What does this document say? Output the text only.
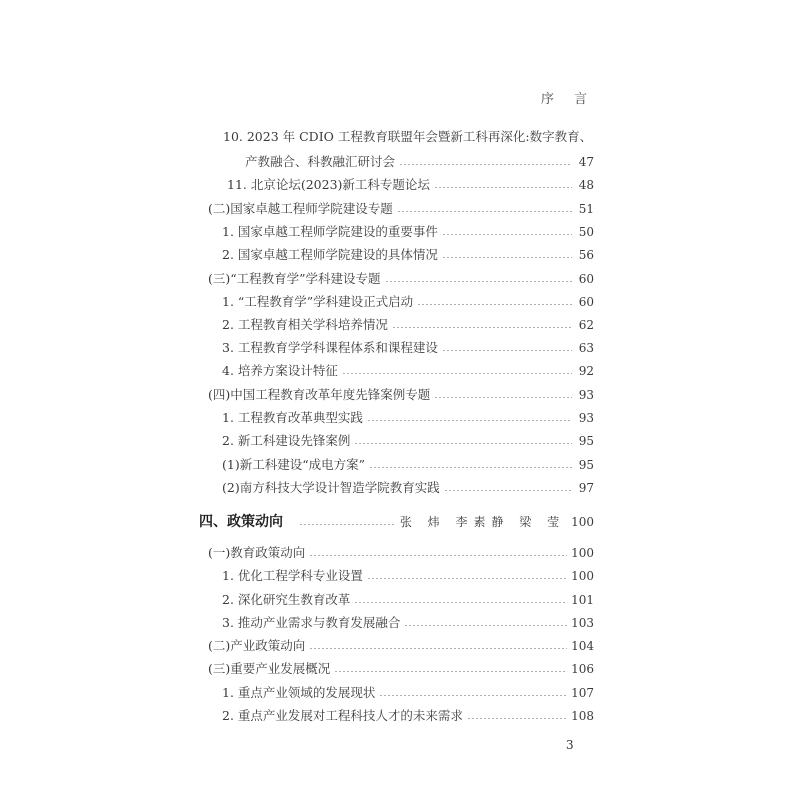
序 言
10. 2023 年 CDIO 工程教育联盟年会暨新工科再深化:数字教育、
产教融合、科教融汇研讨会	47
11. 北京论坛(2023)新工科专题论坛	48
(二)国家卓越工程师学院建设专题	51
1. 国家卓越工程师学院建设的重要事件	50
2. 国家卓越工程师学院建设的具体情况	56
(三)“工程教育学”学科建设专题	60
1. “工程教育学”学科建设正式启动	60
2. 工程教育相关学科培养情况	62
3. 工程教育学学科课程体系和课程建设	63
4. 培养方案设计特征	92
(四)中国工程教育改革年度先锋案例专题	93
1. 工程教育改革典型实践	93
2. 新工科建设先锋案例	95
(1)新工科建设“成电方案”	95
(2)南方科技大学设计智造学院教育实践	97
四、政策动向	张 炜 李素静 梁 莹 100
(一)教育政策动向	100
1. 优化工程学科专业设置	100
2. 深化研究生教育改革	101
3. 推动产业需求与教育发展融合	103
(二)产业政策动向	104
(三)重要产业发展概况	106
1. 重点产业领域的发展现状	107
2. 重点产业发展对工程科技人才的未来需求	108
3
